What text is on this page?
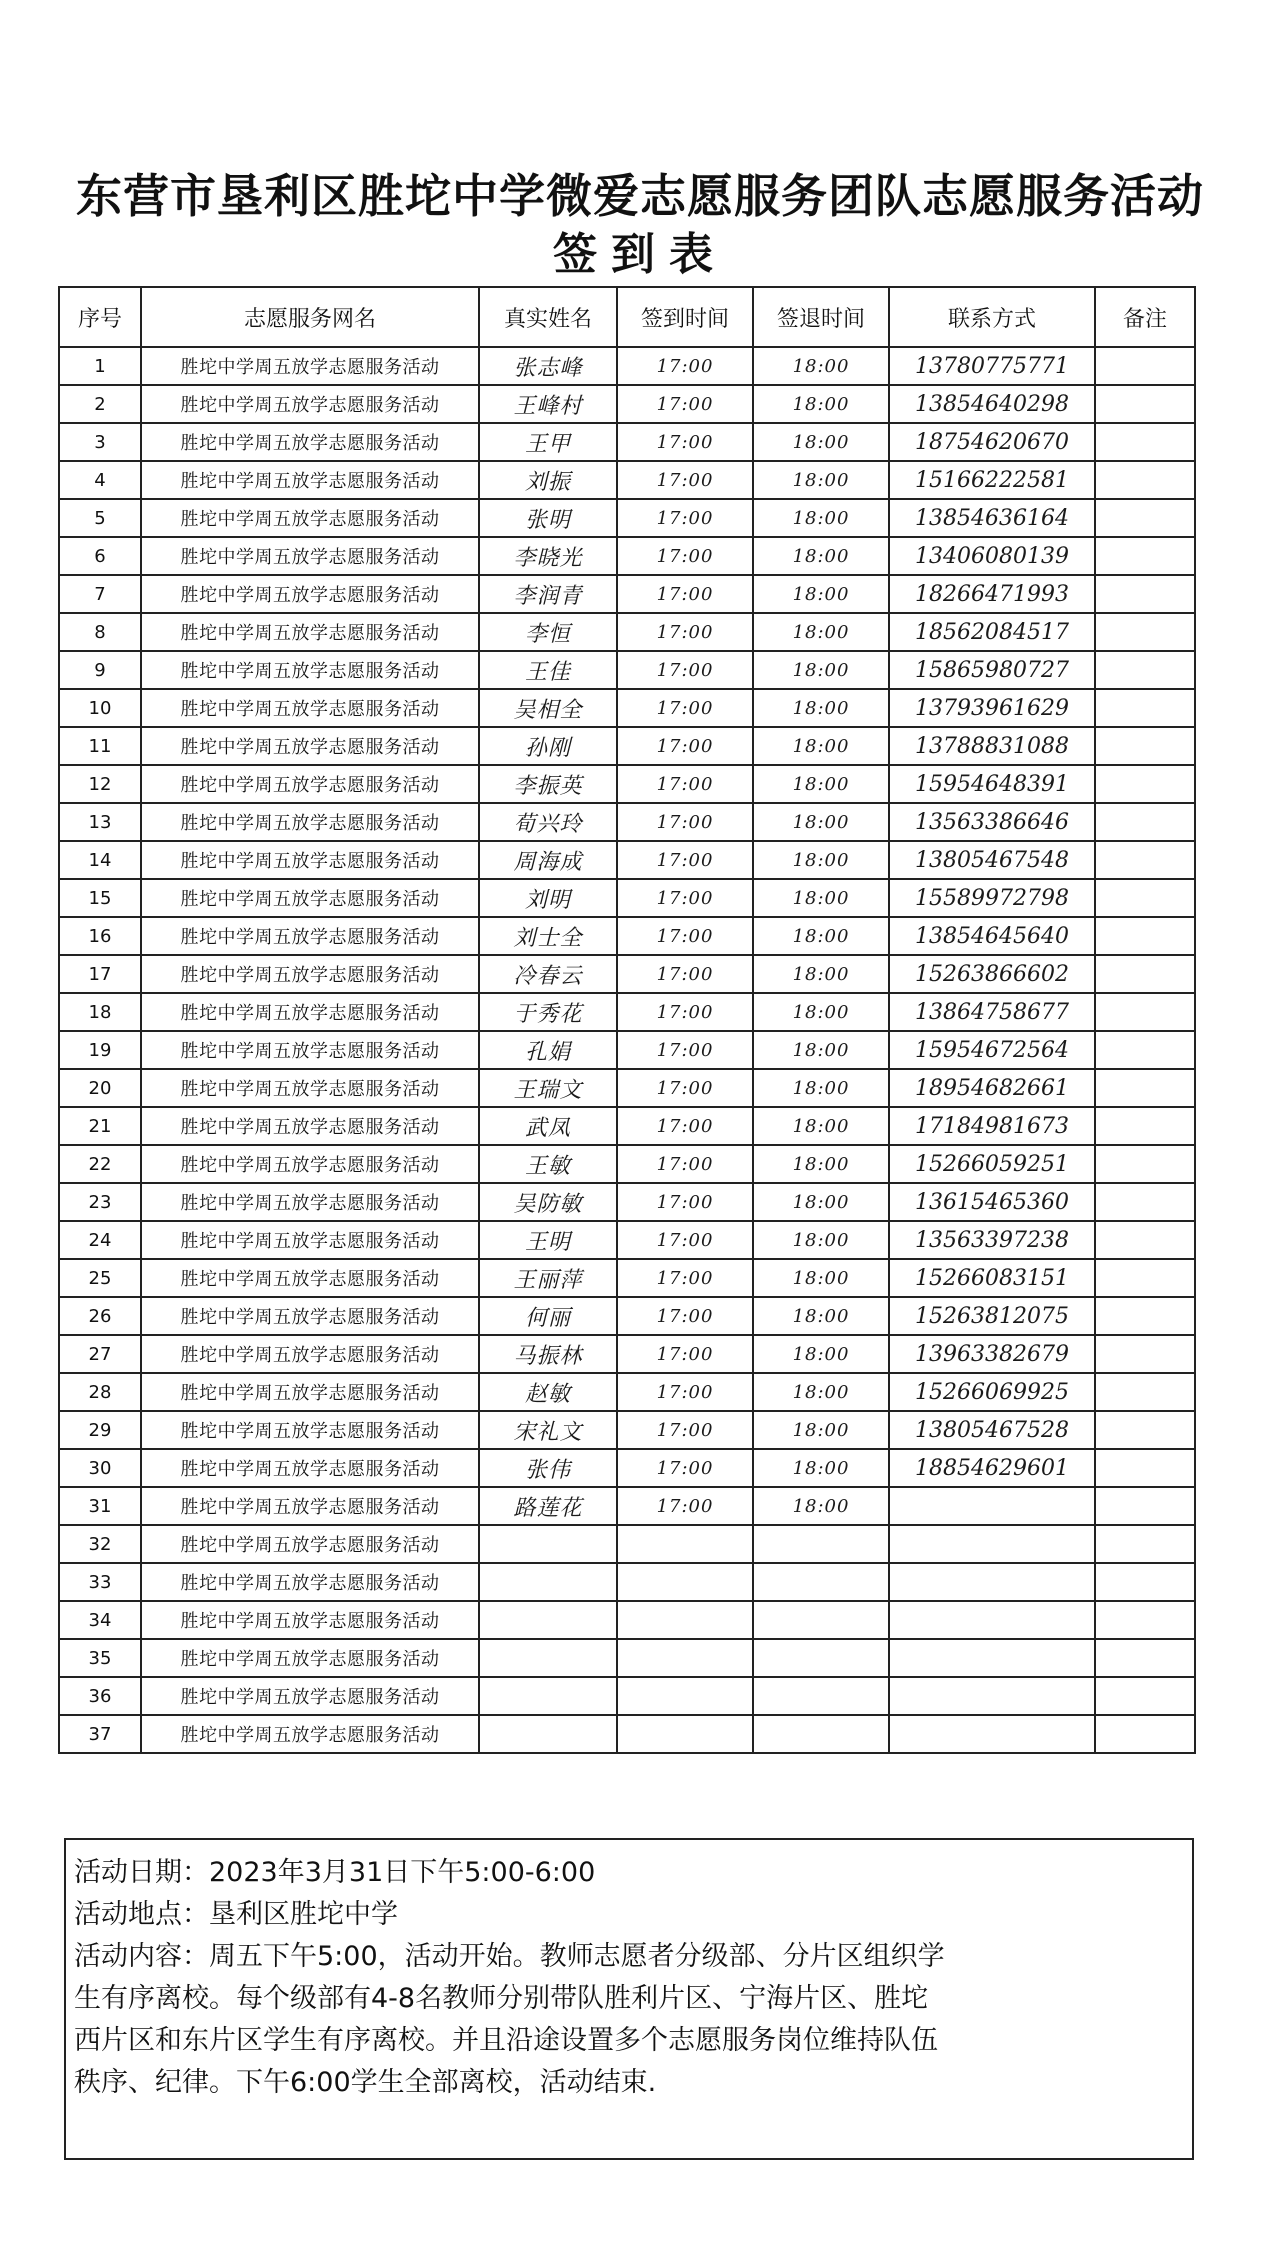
东营市垦利区胜坨中学微爱志愿服务团队志愿服务活动
签到表
序号	志愿服务网名	真实姓名	签到时间	签退时间	联系方式	备注
1	胜坨中学周五放学志愿服务活动	张志峰	17:00	18:00	13780775771	
2	胜坨中学周五放学志愿服务活动	王峰村	17:00	18:00	13854640298	
3	胜坨中学周五放学志愿服务活动	王甲	17:00	18:00	18754620670	
4	胜坨中学周五放学志愿服务活动	刘振	17:00	18:00	15166222581	
5	胜坨中学周五放学志愿服务活动	张明	17:00	18:00	13854636164	
6	胜坨中学周五放学志愿服务活动	李晓光	17:00	18:00	13406080139	
7	胜坨中学周五放学志愿服务活动	李润青	17:00	18:00	18266471993	
8	胜坨中学周五放学志愿服务活动	李恒	17:00	18:00	18562084517	
9	胜坨中学周五放学志愿服务活动	王佳	17:00	18:00	15865980727	
10	胜坨中学周五放学志愿服务活动	吴相全	17:00	18:00	13793961629	
11	胜坨中学周五放学志愿服务活动	孙刚	17:00	18:00	13788831088	
12	胜坨中学周五放学志愿服务活动	李振英	17:00	18:00	15954648391	
13	胜坨中学周五放学志愿服务活动	荀兴玲	17:00	18:00	13563386646	
14	胜坨中学周五放学志愿服务活动	周海成	17:00	18:00	13805467548	
15	胜坨中学周五放学志愿服务活动	刘明	17:00	18:00	15589972798	
16	胜坨中学周五放学志愿服务活动	刘士全	17:00	18:00	13854645640	
17	胜坨中学周五放学志愿服务活动	冷春云	17:00	18:00	15263866602	
18	胜坨中学周五放学志愿服务活动	于秀花	17:00	18:00	13864758677	
19	胜坨中学周五放学志愿服务活动	孔娟	17:00	18:00	15954672564	
20	胜坨中学周五放学志愿服务活动	王瑞文	17:00	18:00	18954682661	
21	胜坨中学周五放学志愿服务活动	武凤	17:00	18:00	17184981673	
22	胜坨中学周五放学志愿服务活动	王敏	17:00	18:00	15266059251	
23	胜坨中学周五放学志愿服务活动	吴防敏	17:00	18:00	13615465360	
24	胜坨中学周五放学志愿服务活动	王明	17:00	18:00	13563397238	
25	胜坨中学周五放学志愿服务活动	王丽萍	17:00	18:00	15266083151	
26	胜坨中学周五放学志愿服务活动	何丽	17:00	18:00	15263812075	
27	胜坨中学周五放学志愿服务活动	马振林	17:00	18:00	13963382679	
28	胜坨中学周五放学志愿服务活动	赵敏	17:00	18:00	15266069925	
29	胜坨中学周五放学志愿服务活动	宋礼文	17:00	18:00	13805467528	
30	胜坨中学周五放学志愿服务活动	张伟	17:00	18:00	18854629601	
31	胜坨中学周五放学志愿服务活动	路莲花	17:00	18:00		
32	胜坨中学周五放学志愿服务活动					
33	胜坨中学周五放学志愿服务活动					
34	胜坨中学周五放学志愿服务活动					
35	胜坨中学周五放学志愿服务活动					
36	胜坨中学周五放学志愿服务活动					
37	胜坨中学周五放学志愿服务活动					

活动日期：2023年3月31日下午5:00-6:00

活动地点：垦利区胜坨中学

活动内容：周五下午5:00，活动开始。教师志愿者分级部、分片区组织学

生有序离校。每个级部有4-8名教师分别带队胜利片区、宁海片区、胜坨

西片区和东片区学生有序离校。并且沿途设置多个志愿服务岗位维持队伍

秩序、纪律。下午6:00学生全部离校，活动结束.
